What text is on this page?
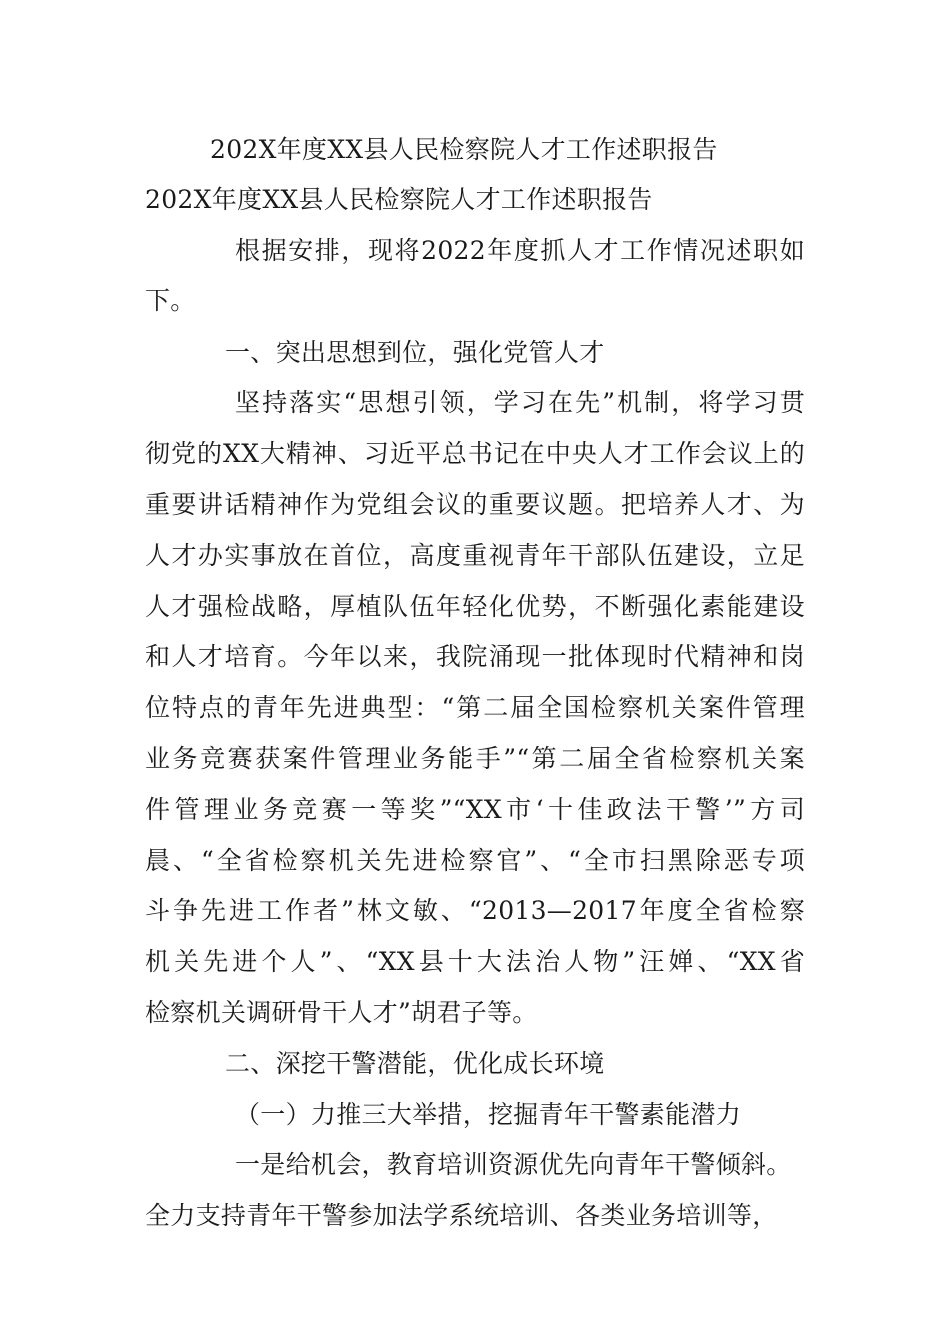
202X年度XX县人民检察院人才工作述职报告
202X年度XX县人民检察院人才工作述职报告
根据安排，现将2022年度抓人才工作情况述职如
下。
一、突出思想到位，强化党管人才
坚持落实“思想引领，学习在先”机制，将学习贯
彻党的XX大精神、习近平总书记在中央人才工作会议上的
重要讲话精神作为党组会议的重要议题。把培养人才、为
人才办实事放在首位，高度重视青年干部队伍建设，立足
人才强检战略，厚植队伍年轻化优势，不断强化素能建设
和人才培育。今年以来，我院涌现一批体现时代精神和岗
位特点的青年先进典型：“第二届全国检察机关案件管理
业务竞赛获案件管理业务能手”“第二届全省检察机关案
件管理业务竞赛一等奖”“XX市‘十佳政法干警’”方司
晨、“全省检察机关先进检察官”、“全市扫黑除恶专项
斗争先进工作者”林文敏、“2013—2017年度全省检察
机关先进个人”、“XX县十大法治人物”汪婵、“XX省
检察机关调研骨干人才”胡君子等。
二、深挖干警潜能，优化成长环境
（一）力推三大举措，挖掘青年干警素能潜力
一是给机会，教育培训资源优先向青年干警倾斜。
全力支持青年干警参加法学系统培训、各类业务培训等，
